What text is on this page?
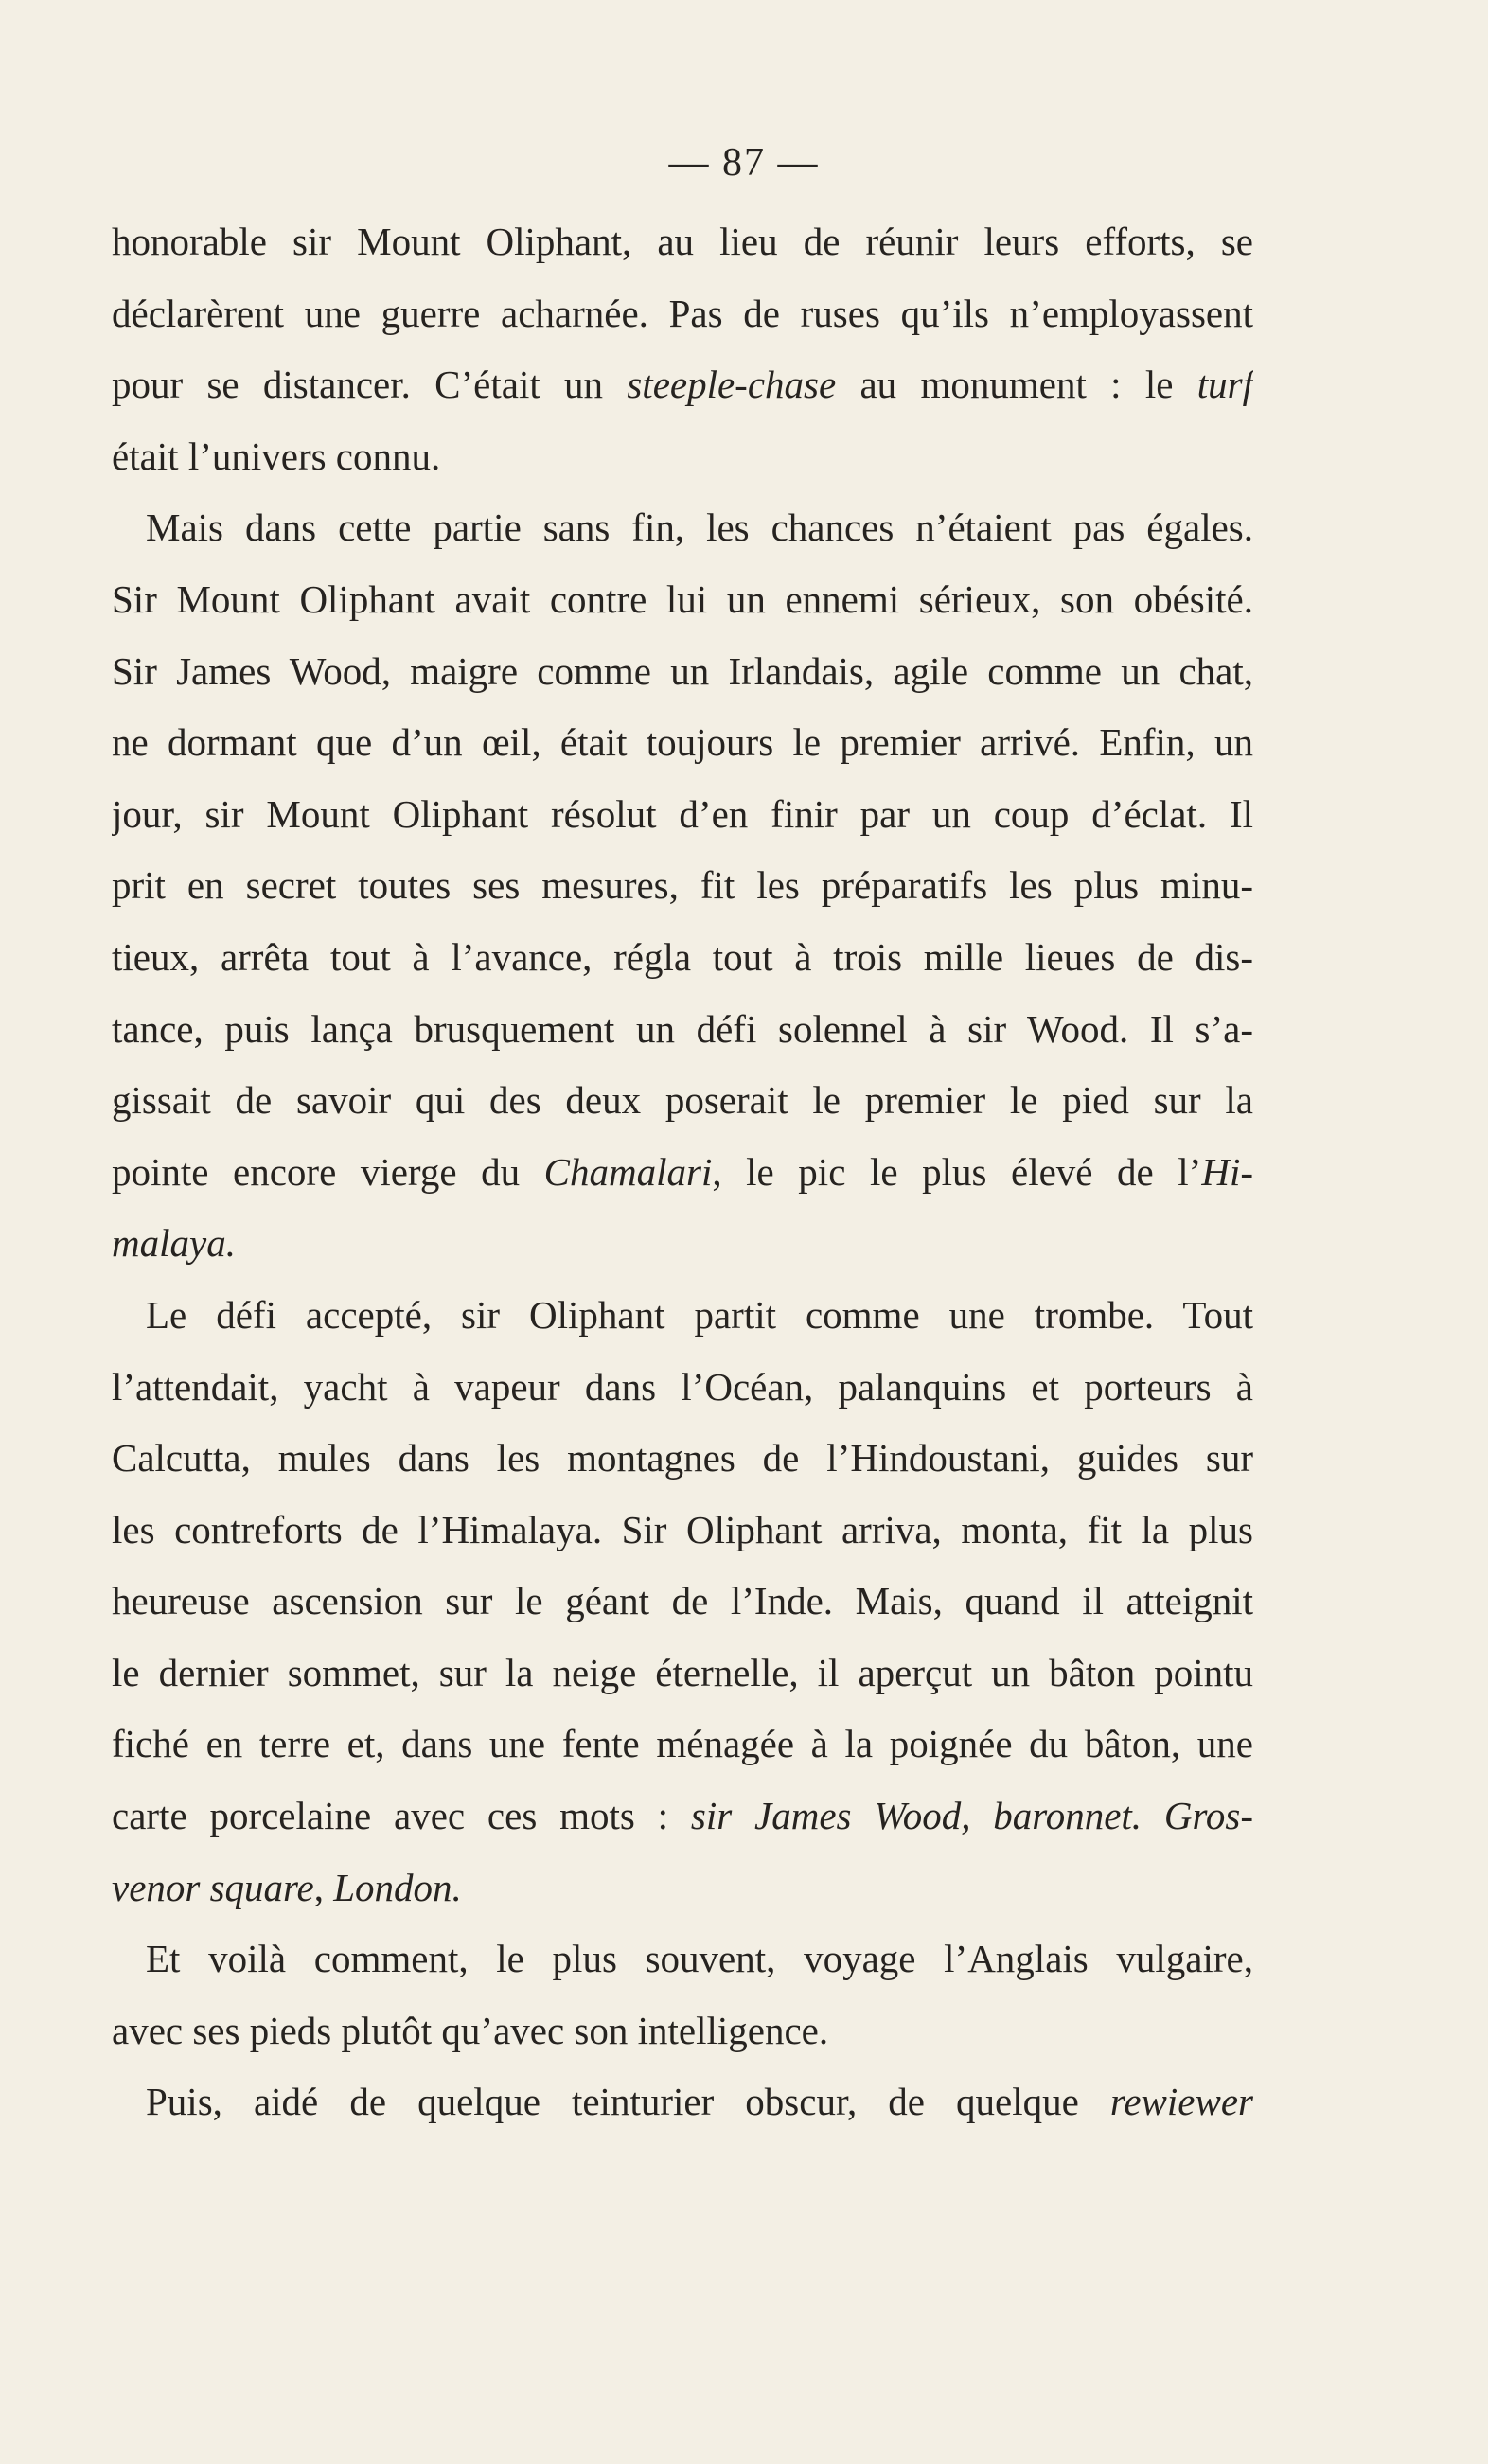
— 87 —
honorable sir Mount Oliphant, au lieu de réunir leurs efforts, se
déclarèrent une guerre acharnée. Pas de ruses qu’ils n’employassent
pour se distancer. C’était un steeple-chase au monument : le turf
était l’univers connu.
Mais dans cette partie sans fin, les chances n’étaient pas égales.
Sir Mount Oliphant avait contre lui un ennemi sérieux, son obésité.
Sir James Wood, maigre comme un Irlandais, agile comme un chat,
ne dormant que d’un œil, était toujours le premier arrivé. Enfin, un
jour, sir Mount Oliphant résolut d’en finir par un coup d’éclat. Il
prit en secret toutes ses mesures, fit les préparatifs les plus minu-
tieux, arrêta tout à l’avance, régla tout à trois mille lieues de dis-
tance, puis lança brusquement un défi solennel à sir Wood. Il s’a-
gissait de savoir qui des deux poserait le premier le pied sur la
pointe encore vierge du Chamalari, le pic le plus élevé de l’Hi-
malaya.
Le défi accepté, sir Oliphant partit comme une trombe. Tout
l’attendait, yacht à vapeur dans l’Océan, palanquins et porteurs à
Calcutta, mules dans les montagnes de l’Hindoustani, guides sur
les contreforts de l’Himalaya. Sir Oliphant arriva, monta, fit la plus
heureuse ascension sur le géant de l’Inde. Mais, quand il atteignit
le dernier sommet, sur la neige éternelle, il aperçut un bâton pointu
fiché en terre et, dans une fente ménagée à la poignée du bâton, une
carte porcelaine avec ces mots : sir James Wood, baronnet. Gros-
venor square, London.
Et voilà comment, le plus souvent, voyage l’Anglais vulgaire,
avec ses pieds plutôt qu’avec son intelligence.
Puis, aidé de quelque teinturier obscur, de quelque rewiewer
